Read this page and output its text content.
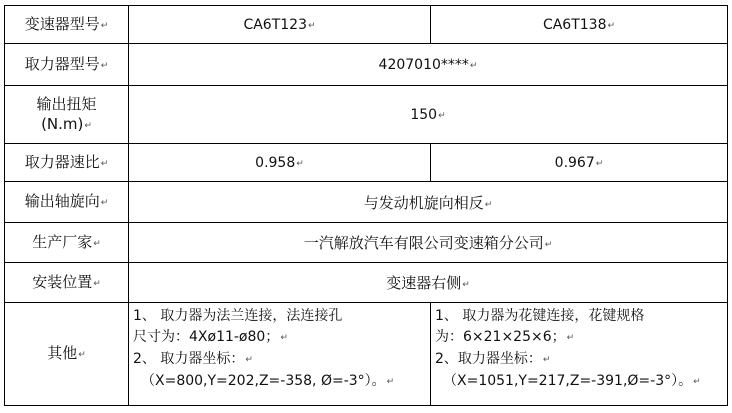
变速器型号↵	CA6T123↵	CA6T138↵
取力器型号↵	4207010****↵	

输出扭矩
(N.m)↵	150↵	
取力器速比↵	0.958↵	0.967↵
输出轴旋向↵	与发动机旋向相反↵	
生产厂家↵	一汽解放汽车有限公司变速箱分公司↵	
安装位置↵	变速器右侧↵	
其他↵	1、 取力器为法兰连接，法连接孔
尺寸为：4Xø11-ø80；↵
2、 取力器坐标：↵
（X=800,Y=202,Z=-358, Ø=-3°）。↵	1、 取力器为花键连接，花键规格
为：6×21×25×6；↵
2、取力器坐标：↵
（X=1051,Y=217,Z=-391,Ø=-3°）。↵
